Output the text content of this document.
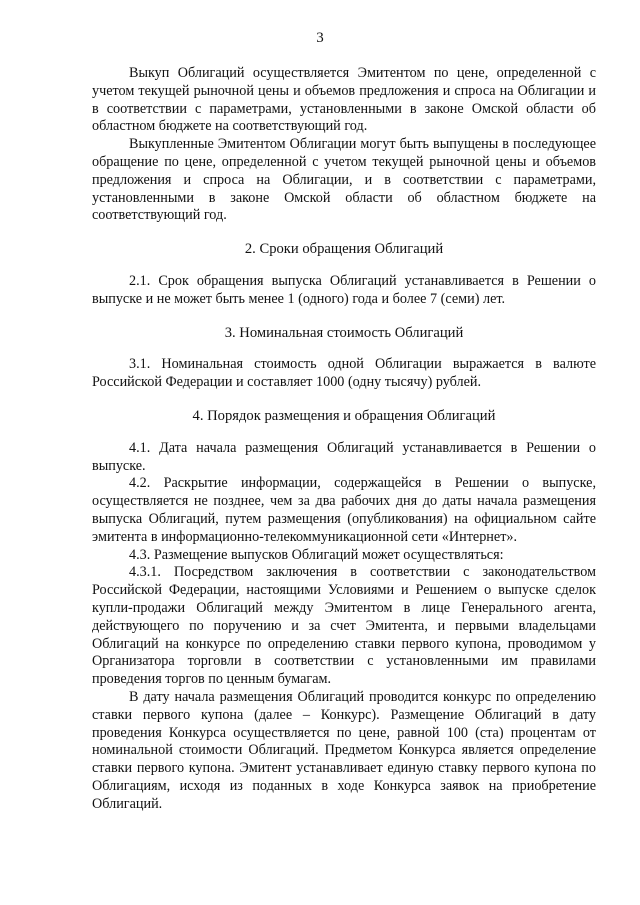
3

Выкуп Облигаций осуществляется Эмитентом по цене, определенной с учетом текущей рыночной цены и объемов предложения и спроса на Облигации и в соответствии с параметрами, установленными в законе Омской области об областном бюджете на соответствующий год.

Выкупленные Эмитентом Облигации могут быть выпущены в последующее обращение по цене, определенной с учетом текущей рыночной цены и объемов предложения и спроса на Облигации, и в соответствии с параметрами, установленными в законе Омской области об областном бюджете на соответствующий год.

2. Сроки обращения Облигаций

2.1. Срок обращения выпуска Облигаций устанавливается в Решении о выпуске и не может быть менее 1 (одного) года и более 7 (семи) лет.

3. Номинальная стоимость Облигаций

3.1. Номинальная стоимость одной Облигации выражается в валюте Российской Федерации и составляет 1000 (одну тысячу) рублей.

4. Порядок размещения и обращения Облигаций

4.1. Дата начала размещения Облигаций устанавливается в Решении о выпуске.

4.2. Раскрытие информации, содержащейся в Решении о выпуске, осуществляется не позднее, чем за два рабочих дня до даты начала размещения выпуска Облигаций, путем размещения (опубликования) на официальном сайте эмитента в информационно-телекоммуникационной сети «Интернет».

4.3. Размещение выпусков Облигаций может осуществляться:

4.3.1. Посредством заключения в соответствии с законодательством Российской Федерации, настоящими Условиями и Решением о выпуске сделок купли-продажи Облигаций между Эмитентом в лице Генерального агента, действующего по поручению и за счет Эмитента, и первыми владельцами Облигаций на конкурсе по определению ставки первого купона, проводимом у Организатора торговли в соответствии с установленными им правилами проведения торгов по ценным бумагам.

В дату начала размещения Облигаций проводится конкурс по определению ставки первого купона (далее – Конкурс). Размещение Облигаций в дату проведения Конкурса осуществляется по цене, равной 100 (ста) процентам от номинальной стоимости Облигаций. Предметом Конкурса является определение ставки первого купона. Эмитент устанавливает единую ставку первого купона по Облигациям, исходя из поданных в ходе Конкурса заявок на приобретение Облигаций.
